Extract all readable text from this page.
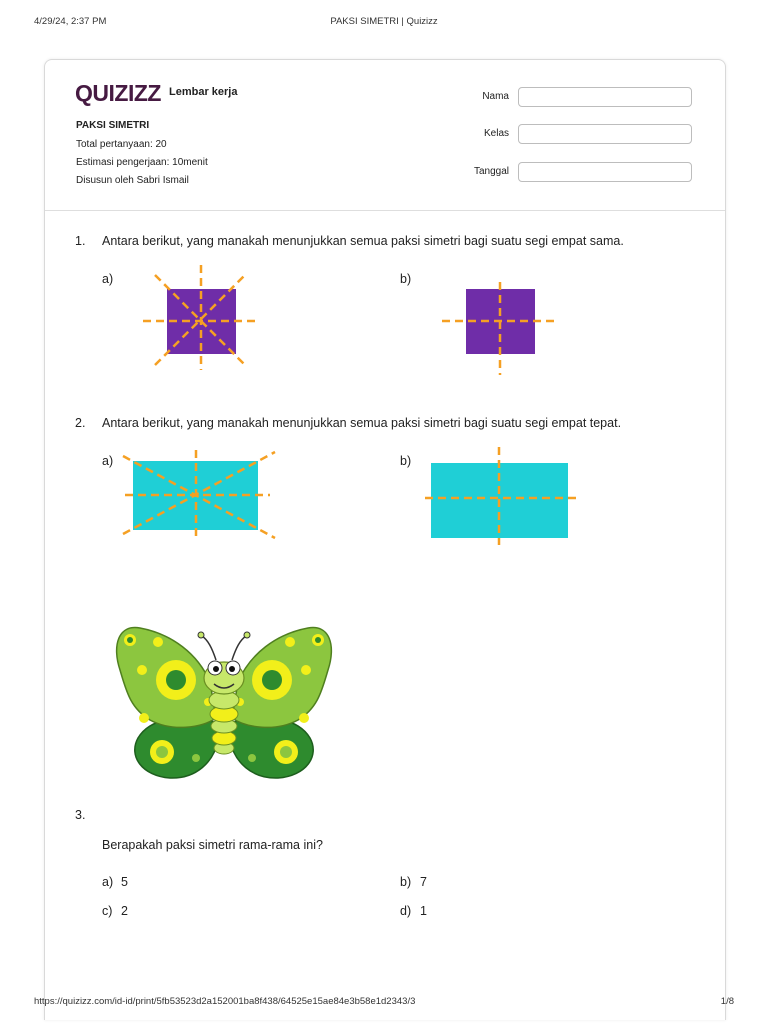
4/29/24, 2:37 PM	PAKSI SIMETRI | Quizizz
QUIZIZZ Lembar kerja
PAKSI SIMETRI
Total pertanyaan: 20
Estimasi pengerjaan: 10menit
Disusun oleh Sabri Ismail
Nama
Kelas
Tanggal
1. Antara berikut, yang manakah menunjukkan semua paksi simetri bagi suatu segi empat sama.
a)	b)
2. Antara berikut, yang manakah menunjukkan semua paksi simetri bagi suatu segi empat tepat.
a)	b)
3.
Berapakah paksi simetri rama-rama ini?
a) 5	b) 7
c) 2	d) 1
https://quizizz.com/id-id/print/5fb53523d2a152001ba8f438/64525e15ae84e3b58e1d2343/3	1/8
